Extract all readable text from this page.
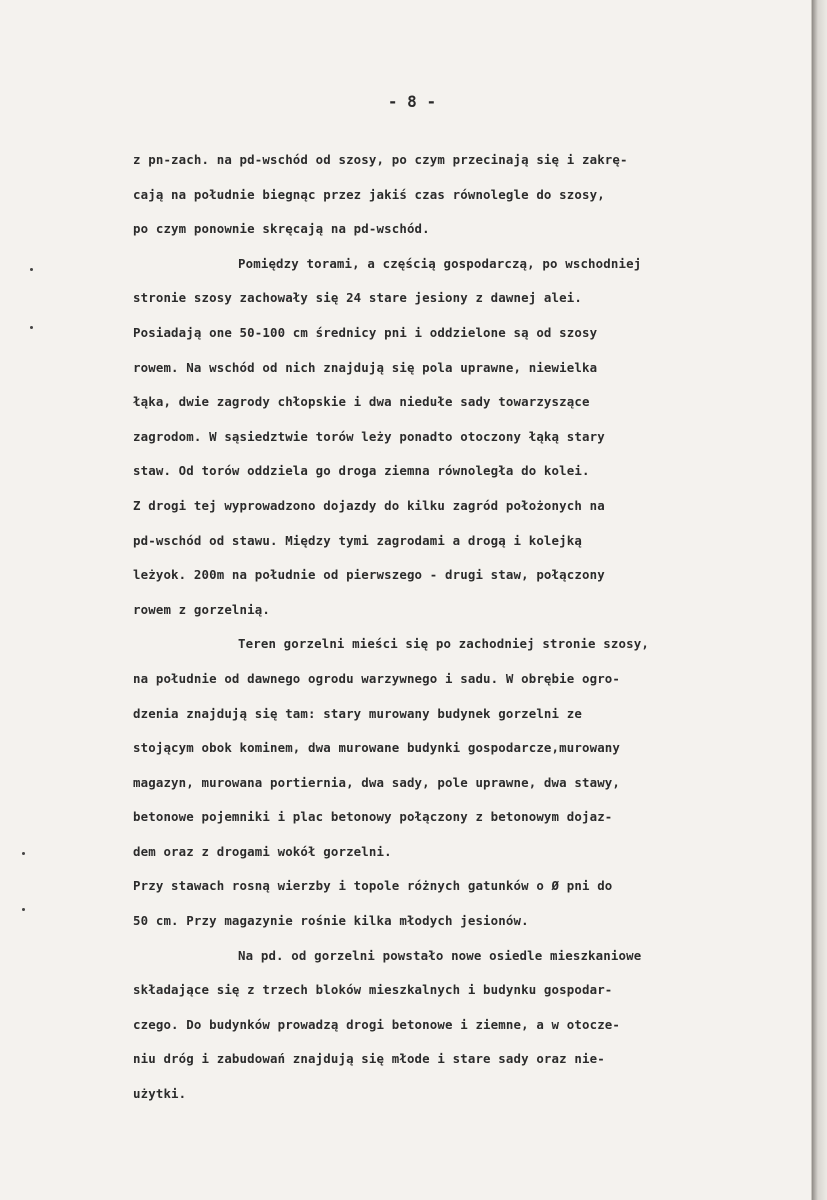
- 8 -
z pn-zach. na pd-wschód od szosy, po czym przecinają się i zakrę-
cają na południe biegnąc przez jakiś czas równolegle do szosy,
po czym ponownie skręcają na pd-wschód.
Pomiędzy torami, a częścią gospodarczą, po wschodniej
stronie szosy zachowały się 24 stare jesiony z dawnej alei.
Posiadają one 50-100 cm średnicy pni i oddzielone są od szosy
rowem. Na wschód od nich znajdują się pola uprawne, niewielka
łąka, dwie zagrody chłopskie i dwa niedułe sady towarzyszące
zagrodom. W sąsiedztwie torów leży ponadto otoczony łąką stary
staw. Od torów oddziela go droga ziemna równoległa do kolei.
Z drogi tej wyprowadzono dojazdy do kilku zagród położonych na
pd-wschód od stawu. Między tymi zagrodami a drogą i kolejką
leżyok. 200m na południe od pierwszego - drugi staw, połączony
rowem z gorzelnią.
Teren gorzelni mieści się po zachodniej stronie szosy,
na południe od dawnego ogrodu warzywnego i sadu. W obrębie ogro-
dzenia znajdują się tam: stary murowany budynek gorzelni ze
stojącym obok kominem, dwa murowane budynki gospodarcze,murowany
magazyn, murowana portiernia, dwa sady, pole uprawne, dwa stawy,
betonowe pojemniki i plac betonowy połączony z betonowym dojaz-
dem oraz z drogami wokół gorzelni.
Przy stawach rosną wierzby i topole różnych gatunków o Ø pni do
50 cm. Przy magazynie rośnie kilka młodych jesionów.
Na pd. od gorzelni powstało nowe osiedle mieszkaniowe
składające się z trzech bloków mieszkalnych i budynku gospodar-
czego. Do budynków prowadzą drogi betonowe i ziemne, a w otocze-
niu dróg i zabudowań znajdują się młode i stare sady oraz nie-
użytki.
